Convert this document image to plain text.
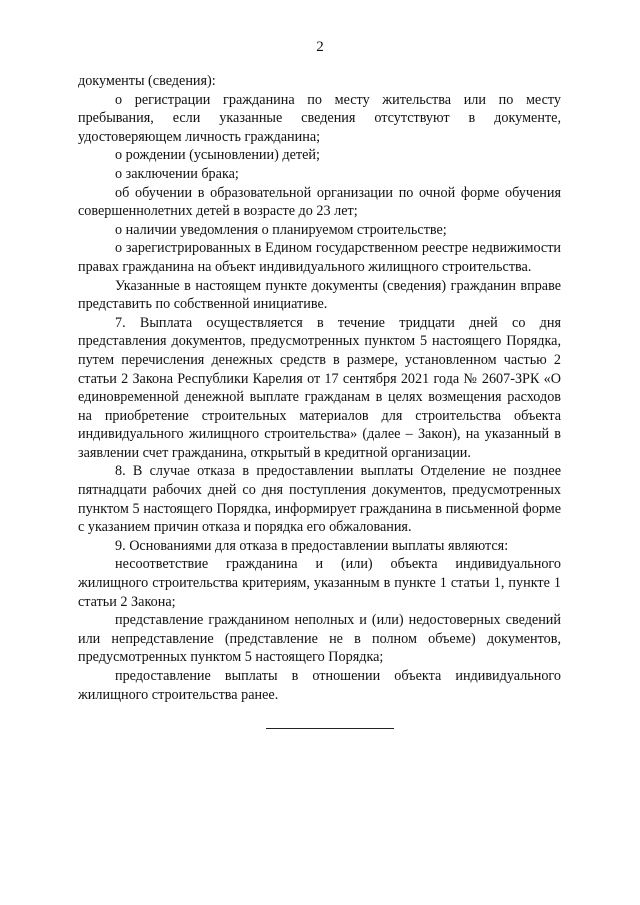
2

документы (сведения):

о регистрации гражданина по месту жительства или по месту пребывания, если указанные сведения отсутствуют в документе, удостоверяющем личность гражданина;

о рождении (усыновлении) детей;

о заключении брака;

об обучении в образовательной организации по очной форме обучения совершеннолетних детей в возрасте до 23 лет;

о наличии уведомления о планируемом строительстве;

о зарегистрированных в Едином государственном реестре недвижимости правах гражданина на объект индивидуального жилищного строительства.

Указанные в настоящем пункте документы (сведения) гражданин вправе представить по собственной инициативе.

7. Выплата осуществляется в течение тридцати дней со дня представления документов, предусмотренных пунктом 5 настоящего Порядка, путем перечисления денежных средств в размере, установленном частью 2 статьи 2 Закона Республики Карелия от 17 сентября 2021 года № 2607-ЗРК «О единовременной денежной выплате гражданам в целях возмещения расходов на приобретение строительных материалов для строительства объекта индивидуального жилищного строительства» (далее – Закон), на указанный в заявлении счет гражданина, открытый в кредитной организации.

8. В случае отказа в предоставлении выплаты Отделение не позднее пятнадцати рабочих дней со дня поступления документов, предусмотренных пунктом 5 настоящего Порядка, информирует гражданина в письменной форме с указанием причин отказа и порядка его обжалования.

9. Основаниями для отказа в предоставлении выплаты являются:

несоответствие гражданина и (или) объекта индивидуального жилищного строительства критериям, указанным в пункте 1 статьи 1, пункте 1 статьи 2 Закона;

представление гражданином неполных и (или) недостоверных сведений или непредставление (представление не в полном объеме) документов, предусмотренных пунктом 5 настоящего Порядка;

предоставление выплаты в отношении объекта индивидуального жилищного строительства ранее.
